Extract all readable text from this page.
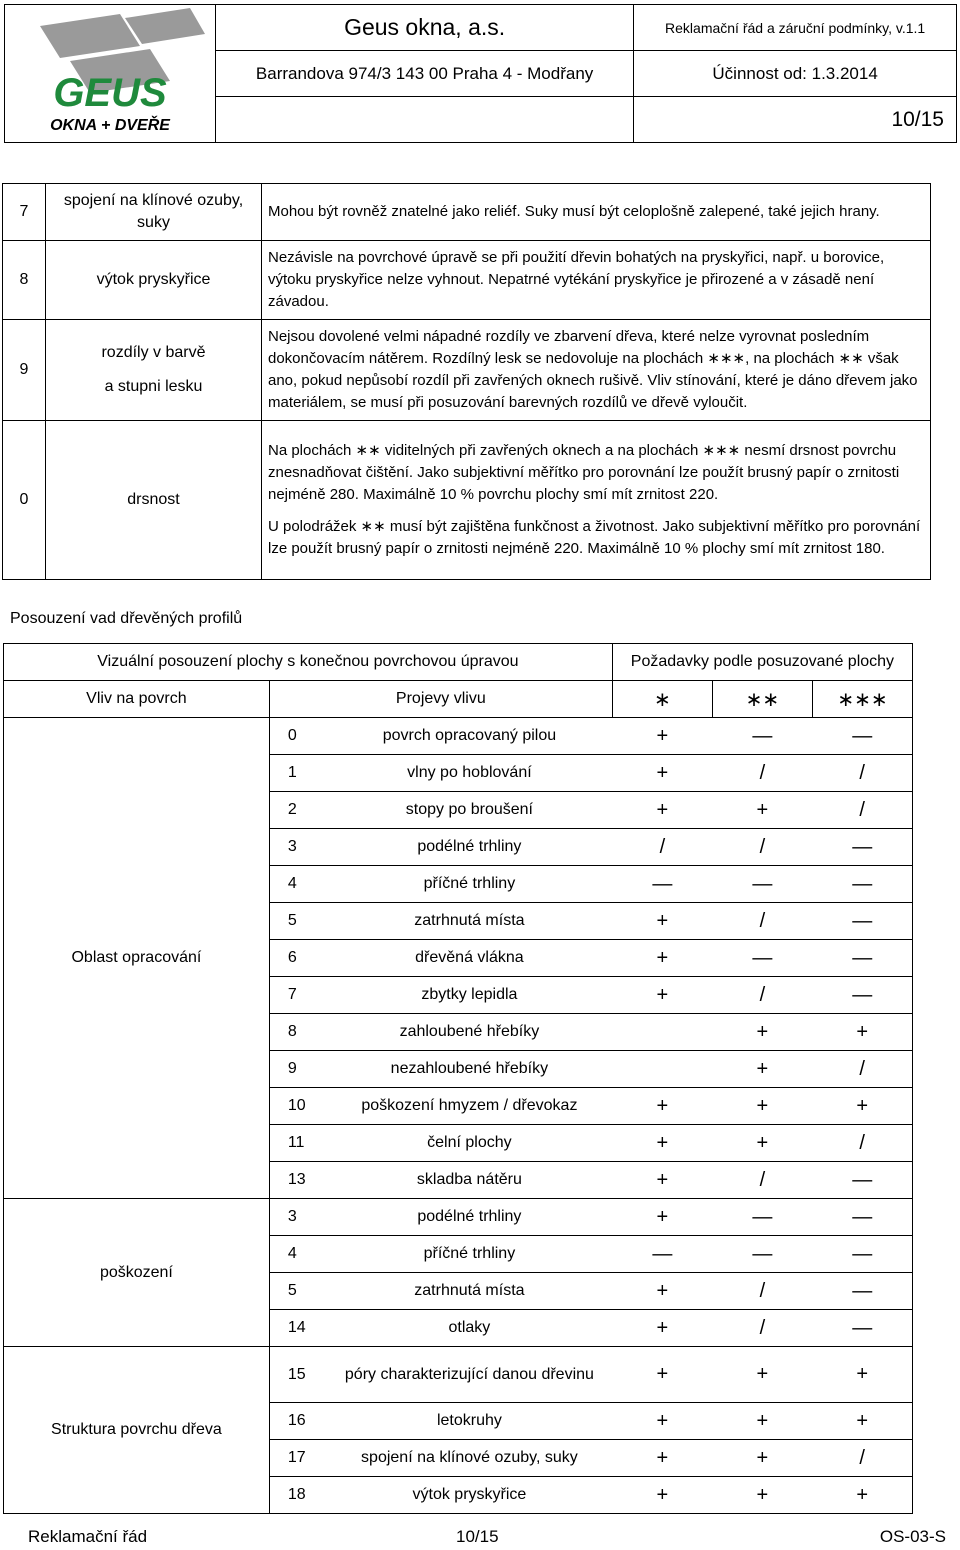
GEUS
OKNA + DVEŘE	Geus okna, a.s.	Reklamační řád a záruční podmínky, v.1.1
	Barrandova 974/3 143 00 Praha 4 - Modřany	Účinnost od: 1.3.2014
		10/15
7	spojení na klínové ozuby, suky	Mohou být rovněž znatelné jako reliéf. Suky musí být celoplošně zalepené, také jejich hrany.

8	výtok pryskyřice	Nezávisle na povrchové úpravě se při použití dřevin bohatých na pryskyřici, např. u borovice, výtoku pryskyřice nelze vyhnout. Nepatrné vytékání pryskyřice je přirozené a v zásadě není závadou.

9	rozdíly v barvě
a stupni lesku	Nejsou dovolené velmi nápadné rozdíly ve zbarvení dřeva, které nelze vyrovnat posledním dokončovacím nátěrem. Rozdílný lesk se nedovoluje na plochách ∗∗∗, na plochách ∗∗ však ano, pokud nepůsobí rozdíl při zavřených oknech rušivě. Vliv stínování, které je dáno dřevem jako materiálem, se musí při posuzování barevných rozdílů ve dřevě vyloučit.

0	drsnost	Na plochách ∗∗ viditelných při zavřených oknech a na plochách ∗∗∗ nesmí drsnost povrchu znesnadňovat čištění. Jako subjektivní měřítko pro porovnání lze použít brusný papír o zrnitosti nejméně 280. Maximálně 10 % povrchu plochy smí mít zrnitost 220.
U polodrážek ∗∗ musí být zajištěna funkčnost a životnost. Jako subjektivní měřítko pro porovnání lze použít brusný papír o zrnitosti nejméně 220. Maximálně 10 % plochy smí mít zrnitost 180.
Posouzení vad dřevěných profilů
Vizuální posouzení plochy s konečnou povrchovou úpravou			Požadavky podle posuzované plochy		
Vliv na povrch	Projevy vlivu		∗	∗∗	∗∗∗
Oblast opracování	0	povrch opracovaný pilou	+	—	—
	1	vlny po hoblování	+	/	/
	2	stopy po broušení	+	+	/
	3	podélné trhliny	/	/	—
	4	příčné trhliny	—	—	—
	5	zatrhnutá místa	+	/	—
	6	dřevěná vlákna	+	—	—
	7	zbytky lepidla	+	/	—
	8	zahloubené hřebíky		+	+
	9	nezahloubené hřebíky		+	/
	10	poškození hmyzem / dřevokaz	+	+	+
	11	čelní plochy	+	+	/
	13	skladba nátěru	+	/	—
poškození	3	podélné trhliny	+	—	—
	4	příčné trhliny	—	—	—
	5	zatrhnutá místa	+	/	—
	14	otlaky	+	/	—
Struktura povrchu dřeva	15	póry charakterizující danou dřevinu	+	+	+
	16	letokruhy	+	+	+
	17	spojení na klínové ozuby, suky	+	+	/
	18	výtok pryskyřice	+	+	+
Reklamační řád	10/15	OS-03-S
